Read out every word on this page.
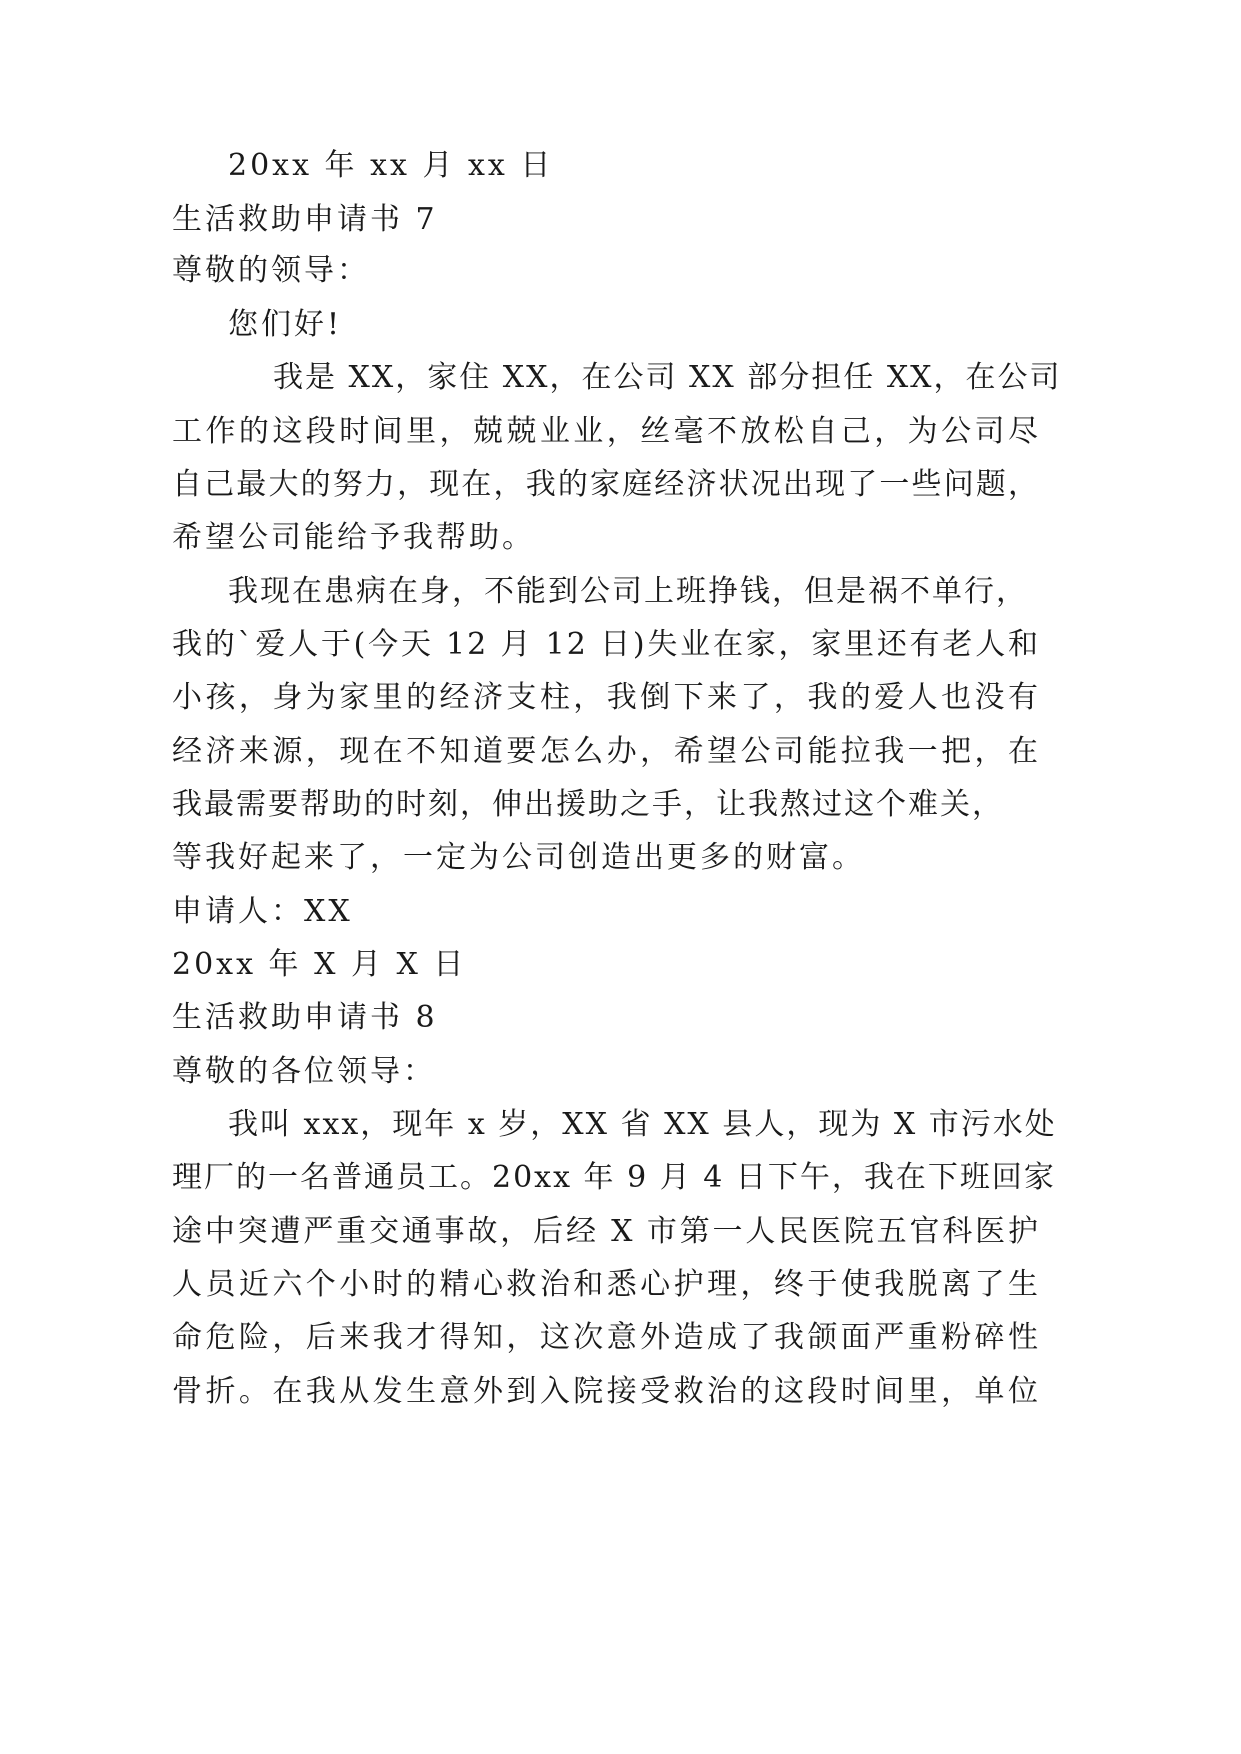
20xx 年 xx 月 xx 日
生活救助申请书 7
尊敬的领导：
您们好!
我是 XX，家住 XX，在公司 XX 部分担任 XX，在公司
工作的这段时间里，兢兢业业，丝毫不放松自己，为公司尽
自己最大的努力，现在，我的家庭经济状况出现了一些问题，
希望公司能给予我帮助。
我现在患病在身，不能到公司上班挣钱，但是祸不单行，
我的`爱人于(今天 12 月 12 日)失业在家，家里还有老人和
小孩，身为家里的经济支柱，我倒下来了，我的爱人也没有
经济来源，现在不知道要怎么办，希望公司能拉我一把，在
我最需要帮助的时刻，伸出援助之手，让我熬过这个难关，
等我好起来了，一定为公司创造出更多的财富。
申请人：XX
20xx 年 X 月 X 日
生活救助申请书 8
尊敬的各位领导：
我叫 xxx，现年 x 岁，XX 省 XX 县人，现为 X 市污水处
理厂的一名普通员工。20xx 年 9 月 4 日下午，我在下班回家
途中突遭严重交通事故，后经 X 市第一人民医院五官科医护
人员近六个小时的精心救治和悉心护理，终于使我脱离了生
命危险，后来我才得知，这次意外造成了我颌面严重粉碎性
骨折。在我从发生意外到入院接受救治的这段时间里，单位
